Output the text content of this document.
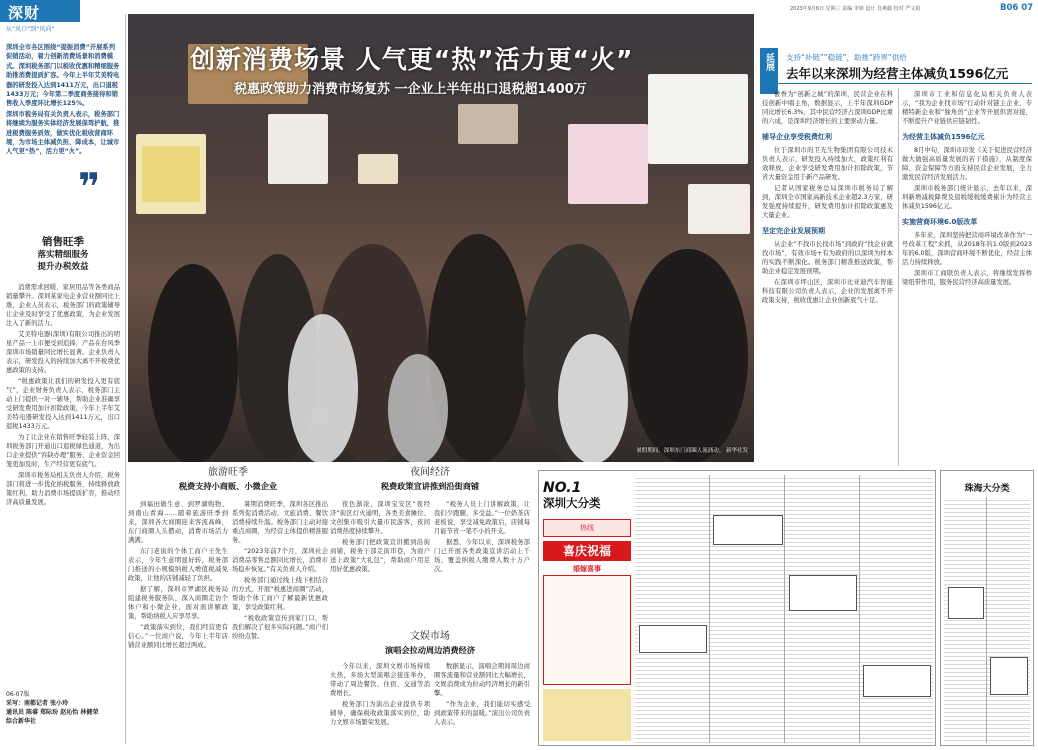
深财
从“风口”到“风向”
2023年9月6日 星期三 责编 李铭 设计 肖燕璐 校对 严文娟	B06 07
深圳全市各区围绕“提振消费”开展系列促销活动，着力创新消费场景和消费模式。深圳税务部门以税收优惠和精细服务助推消费提质扩容。今年上半年艾美特电器的研发投入达到1411万元，出口退税1433万元；今年第二季度商务接待和销售收入季度环比增长125%。
深圳市税务局有关负责人表示，税务部门将继续为服务实体经济发展保驾护航，推进税费服务质效，做实优化税收营商环境，为市场主体减负担、降成本，让城市人气更“热”，活力更“火”。
❞
销售旺季
落实精细服务
提升办税效益

消费需求回暖，家居用品等各类商品销量攀升。深圳某家电企业营业额同比上涨，企业人员表示，税务部门的政策辅导让企业及时享受了优惠政策，为企业发展注入了新的活力。

艾美特电器(深圳)有限公司推出的明星产品一上市便受到追捧，产品在台风季深圳市场销量同比增长显著。企业负责人表示，研发投入的持续加大离不开税费优惠政策的支持。

“税惠政策让我们的研发投入更有底气”，企业财务负责人表示，税务部门主动上门提供一对一辅导，帮助企业准确享受研发费用加计扣除政策，今年上半年艾美特电器研发投入达到1411万元，出口退税1433万元。

为了让企业在销售旺季轻装上阵，深圳税务部门开通出口退税绿色通道，为出口企业提供“容缺办理”服务，企业资金回笼更加及时，生产经营更有底气。

深圳市税务局相关负责人介绍，税务部门将进一步优化纳税服务，持续释放政策红利，助力消费市场提质扩容，推动经济高质量发展。

06-07版
采写：南都记者 张小玲
通讯员 陈睿 郑际玢 赵沁怡 林健荣
综合新华社
创新消费场景 人气更“热”活力更“火”
税惠政策助力消费市场复苏 一企业上半年出口退税超1400万
暑假期间，深圳东门商圈人流涌动。 新华社发
延展	支持“补链”“稳链”，助推“跨界”供给
去年以来深圳为经营主体减负1596亿元

被誉为“创新之城”的深圳，民营企业在科技创新中唱主角，数据显示，上半年深圳GDP同比增长6.3%，其中民营经济占深圳GDP比重的六成，是深圳经济增长的主要驱动力量。

辅导企业享受税费红利

位于深圳市的卫光生物集团有限公司技术负责人表示，研发投入持续加大，政策红利有效释放，企业享受研发费用加计扣除政策，节省大量资金用于新产品研发。

记者从国家税务总局深圳市税务局了解到，深圳全市国家高新技术企业超2.3万家，研发强度持续提升，研发费用加计扣除政策惠及大量企业。

坚定完企业发展预期

从企业“不找市长找市场”到政府“找企业就找市场”，有效市场+有为政府的以深圳为样本的实践不断深化。税务部门精准推送政策，帮助企业稳定发展预期。

在深圳市坪山区，深圳市比亚迪汽车智能科技有限公司负责人表示，企业的发展离不开政策支持，税收优惠让企业创新底气十足。

深圳市工业和信息化局相关负责人表示，“我为企业找市场”行动针对链主企业、专精特新企业和“独角兽”企业等开展供需对接，不断提升产业链供应链韧性。

为经营主体减负1596亿元

8月中旬，深圳市印发《关于促进民营经济做大做强高质量发展的若干措施》，从制度保障、资金保障等方面支持民营企业发展，全力激发民营经济发展活力。

深圳市税务部门统计显示，去年以来，深圳新增减税降费及退税缓税缓费累计为经营主体减负1596亿元。

实施营商环境6.0版改革

多年来，深圳坚持把营商环境改革作为“一号改革工程”来抓，从2018年的1.0版到2023年的6.0版，深圳营商环境不断优化，经营主体活力持续释放。

深圳市工商联负责人表示，将继续发挥桥梁纽带作用，服务民营经济高质量发展。

旅游旺季
税费支持小商贩、小微企业
夜间经济
税费政策宣讲推到沿街商铺

到福田做生意、到罗湖购物、到南山看海……随着旅游旺季到来，深圳各大商圈迎来客流高峰，东门商圈人头攒动，消费市场活力满满。

东门老街的个体工商户王先生表示，今年生意明显好转，税务部门推送的小规模纳税人增值税减免政策，让他的店铺减轻了负担。

据了解，深圳市罗湖区税务局组建税务服务队，深入商圈走访个体户和小微企业，面对面讲解政策，帮助纳税人应享尽享。

“政策落实到位，我们经营更有信心。”一位商户说，今年上半年店铺营业额同比增长超过两成。

暑期消费旺季，深圳各区推出系列促消费活动，文旅消费、餐饮消费持续升温。税务部门主动对接重点商圈，为经营主体提供精准服务。

“2023年前7个月，深圳社会消费品零售总额同比增长，消费市场稳步恢复。”有关负责人介绍。

税务部门通过线上线下相结合的方式，开展“税惠进商圈”活动，帮助个体工商户了解最新优惠政策，享受政策红利。

“税收政策宣传到家门口，帮我们解决了很多实际问题。”商户们纷纷点赞。

夜色渐浓，深圳宝安区“夜经济”街区灯火通明，各类美食摊位、文创集市吸引大量市民游客，夜间消费热度持续攀升。

税务部门把政策宣讲搬到沿街商铺，税务干部走街串巷，为商户送上政策“大礼包”，帮助商户用足用好优惠政策。

“税务人员上门讲解政策，让我们少跑腿、多受益。”一位奶茶店老板说，享受减免政策后，店铺每月能节省一笔不小的开支。

据悉，今年以来，深圳税务部门已开展各类政策宣讲活动上千场，覆盖纳税人缴费人数十万户次。

文娱市场
演唱会拉动周边消费经济

今年以来，深圳文娱市场持续火热，多场大型演唱会接连举办，带动了周边餐饮、住宿、交通等消费增长。

税务部门为演出企业提供专项辅导，确保税收政策落实到位，助力文娱市场繁荣发展。

数据显示，演唱会期间周边商圈客流量和营业额同比大幅增长，文娱消费成为拉动经济增长的新引擎。

“作为企业，我们能切实感受到政策带来的温暖。”演出公司负责人表示。

NO.1
深圳大分类
热线
喜庆祝福
婚嫁喜事
珠海大分类
